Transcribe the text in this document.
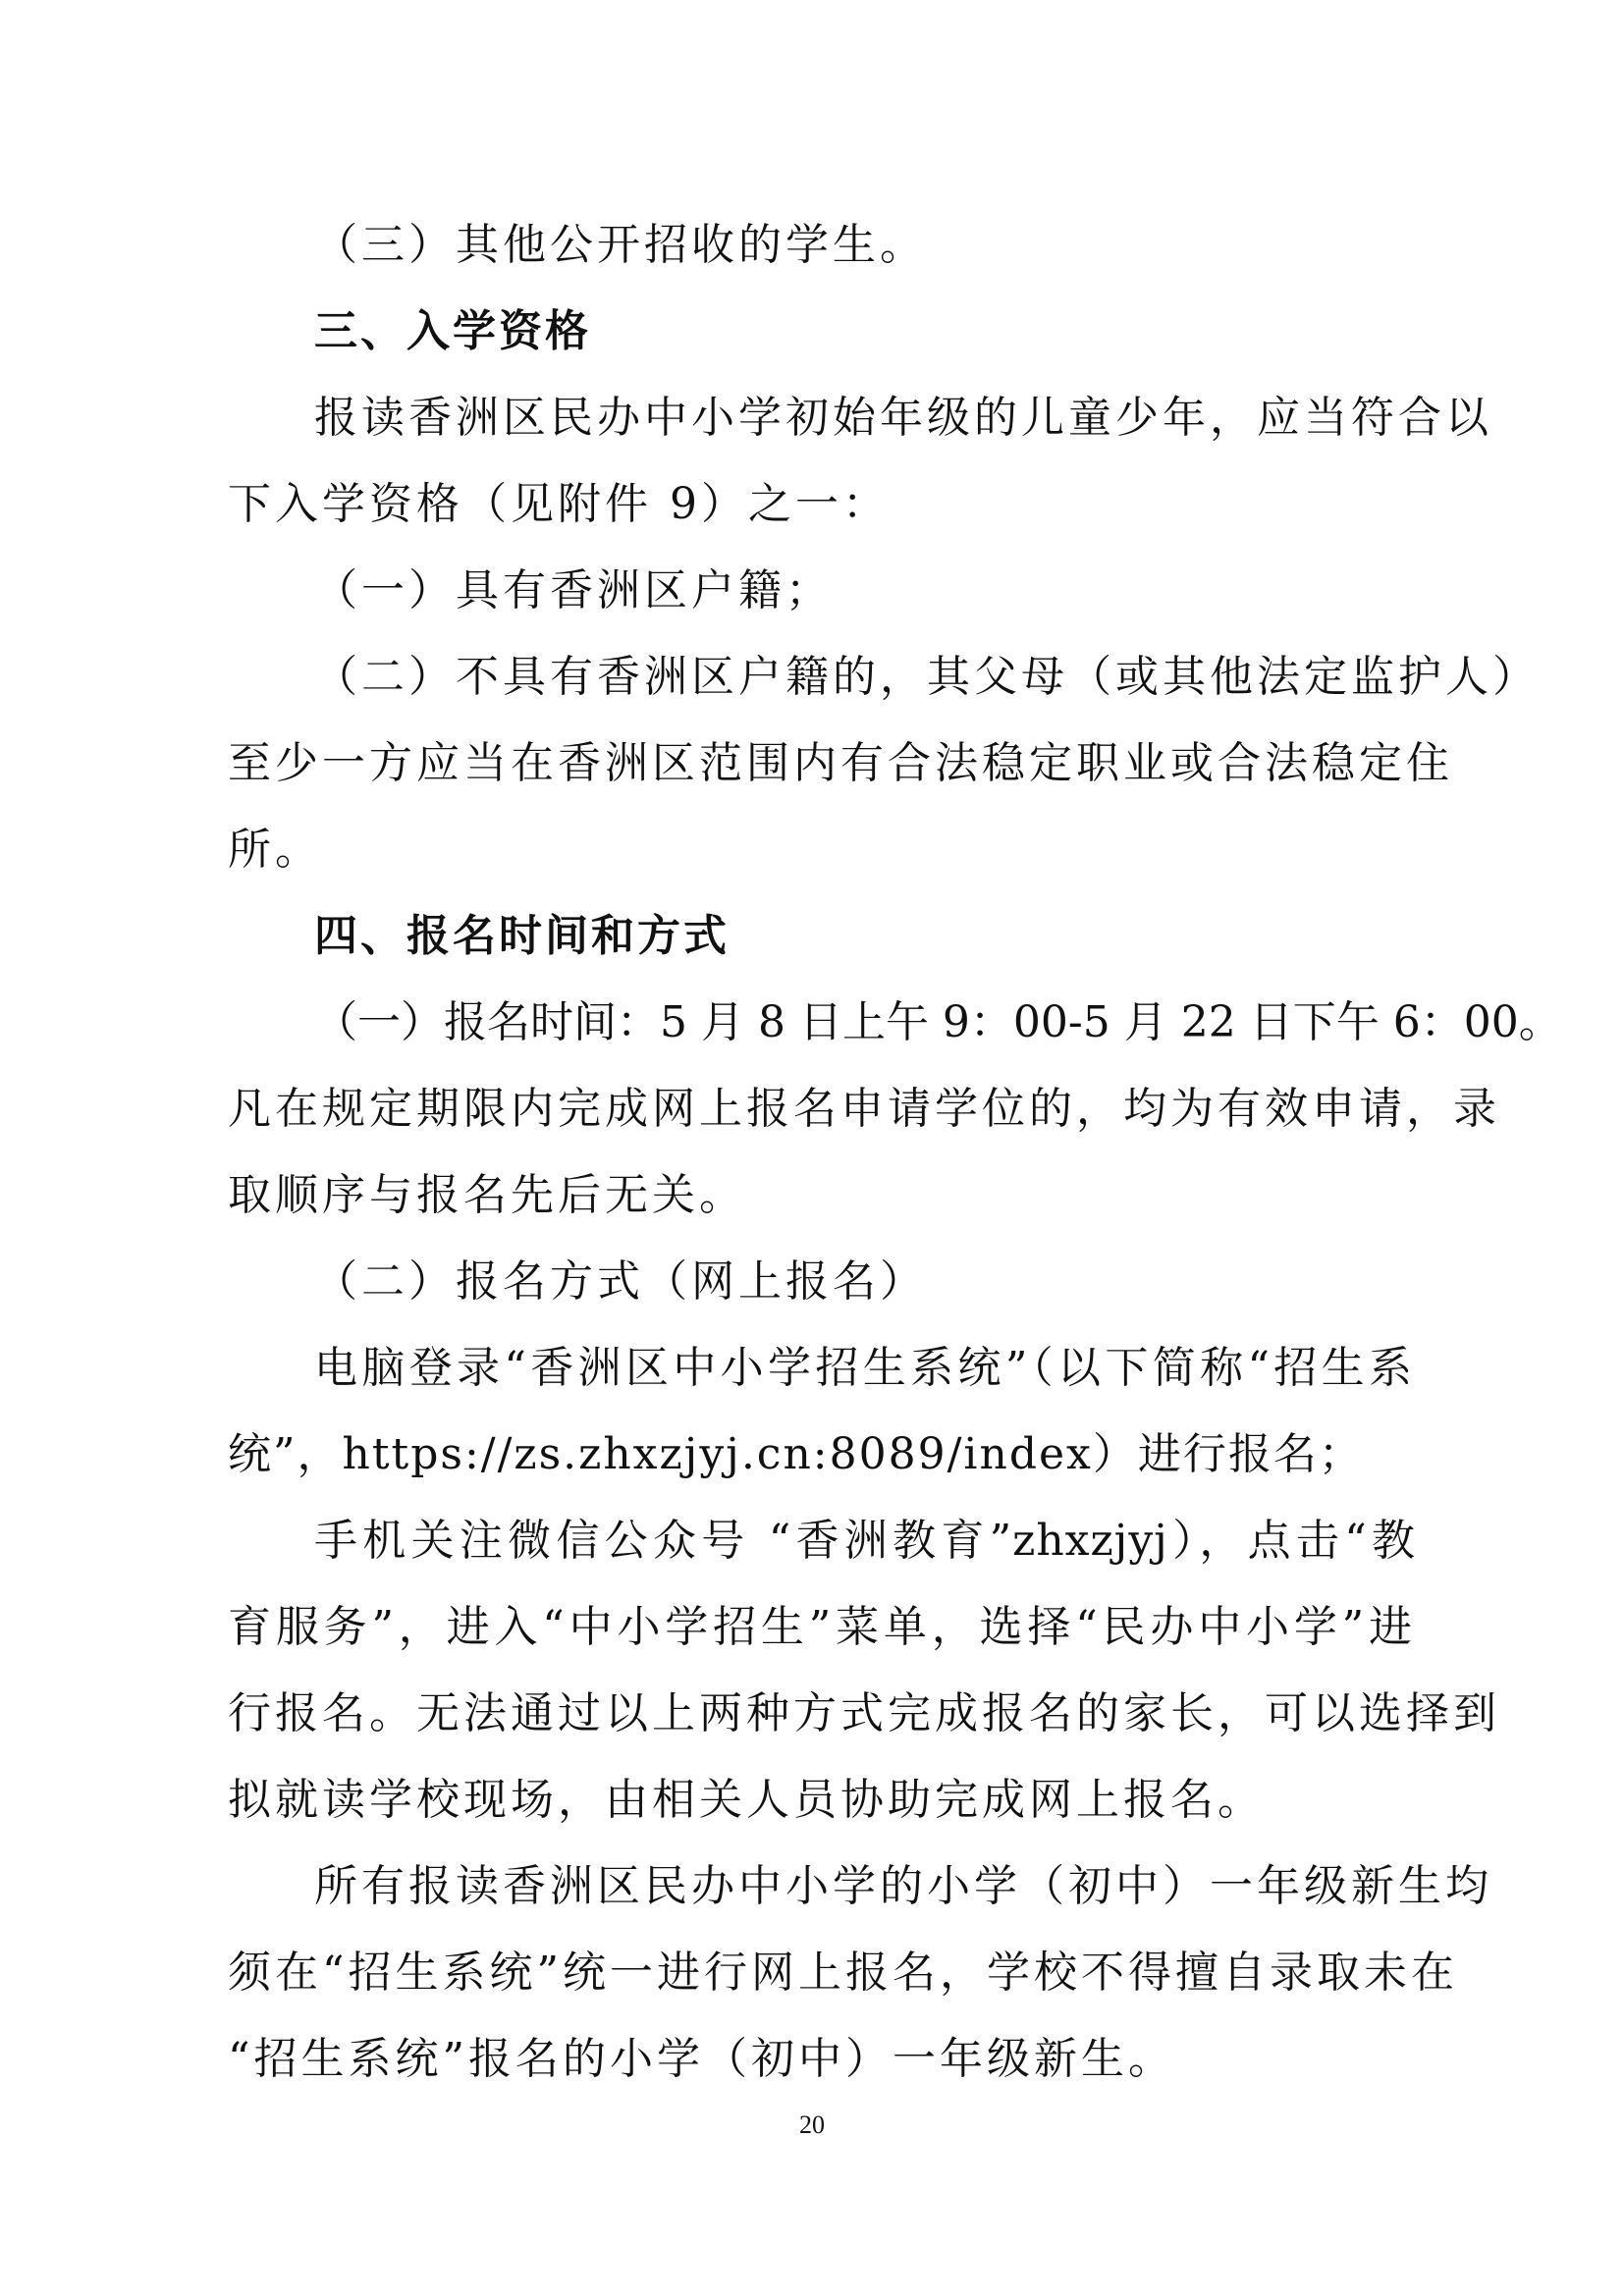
（三）其他公开招收的学生。
三、入学资格
报读香洲区民办中小学初始年级的儿童少年，应当符合以
下入学资格（见附件 9）之一：
（一）具有香洲区户籍；
（二）不具有香洲区户籍的，其父母（或其他法定监护人）
至少一方应当在香洲区范围内有合法稳定职业或合法稳定住
所。
四、报名时间和方式
（一）报名时间：5 月 8 日上午 9：00-5 月 22 日下午 6：00。
凡在规定期限内完成网上报名申请学位的，均为有效申请，录
取顺序与报名先后无关。
（二）报名方式（网上报名）
电脑登录“香洲区中小学招生系统”（以下简称“招生系
统”，https://zs.zhxzjyj.cn:8089/index）进行报名；
手机关注微信公众号 “香洲教育”zhxzjyj），点击“教
育服务”，进入“中小学招生”菜单，选择“民办中小学”进
行报名。无法通过以上两种方式完成报名的家长，可以选择到
拟就读学校现场，由相关人员协助完成网上报名。
所有报读香洲区民办中小学的小学（初中）一年级新生均
须在“招生系统”统一进行网上报名，学校不得擅自录取未在
“招生系统”报名的小学（初中）一年级新生。
20
